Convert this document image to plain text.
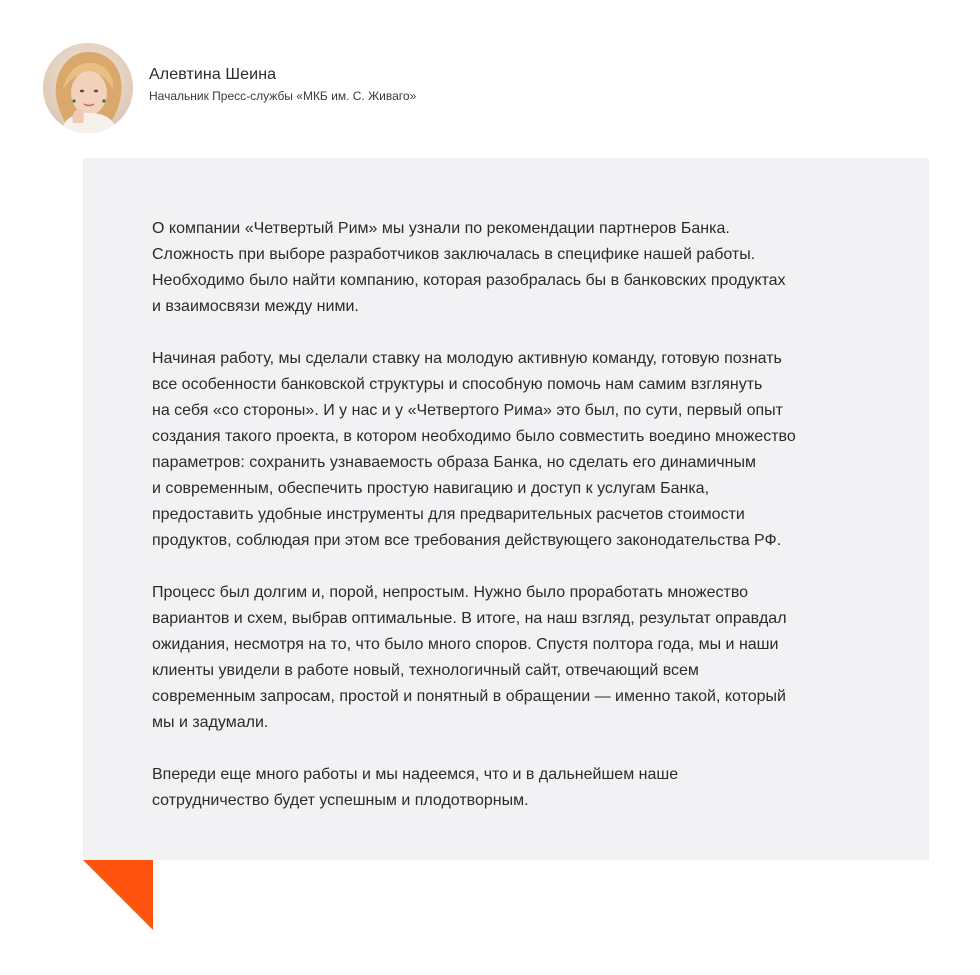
Алевтина Шеина
Начальник Пресс-службы «МКБ им. С. Живаго»

О компании «Четвертый Рим» мы узнали по рекомендации партнеров Банка.
Сложность при выборе разработчиков заключалась в специфике нашей работы.
Необходимо было найти компанию, которая разобралась бы в банковских продуктах
и взаимосвязи между ними.

Начиная работу, мы сделали ставку на молодую активную команду, готовую познать
все особенности банковской структуры и способную помочь нам самим взглянуть
на себя «со стороны». И у нас и у «Четвертого Рима» это был, по сути, первый опыт
создания такого проекта, в котором необходимо было совместить воедино множество
параметров: сохранить узнаваемость образа Банка, но сделать его динамичным
и современным, обеспечить простую навигацию и доступ к услугам Банка,
предоставить удобные инструменты для предварительных расчетов стоимости
продуктов, соблюдая при этом все требования действующего законодательства РФ.

Процесс был долгим и, порой, непростым. Нужно было проработать множество
вариантов и схем, выбрав оптимальные. В итоге, на наш взгляд, результат оправдал
ожидания, несмотря на то, что было много споров. Спустя полтора года, мы и наши
клиенты увидели в работе новый, технологичный сайт, отвечающий всем
современным запросам, простой и понятный в обращении — именно такой, который
мы и задумали.

Впереди еще много работы и мы надеемся, что и в дальнейшем наше
сотрудничество будет успешным и плодотворным.
